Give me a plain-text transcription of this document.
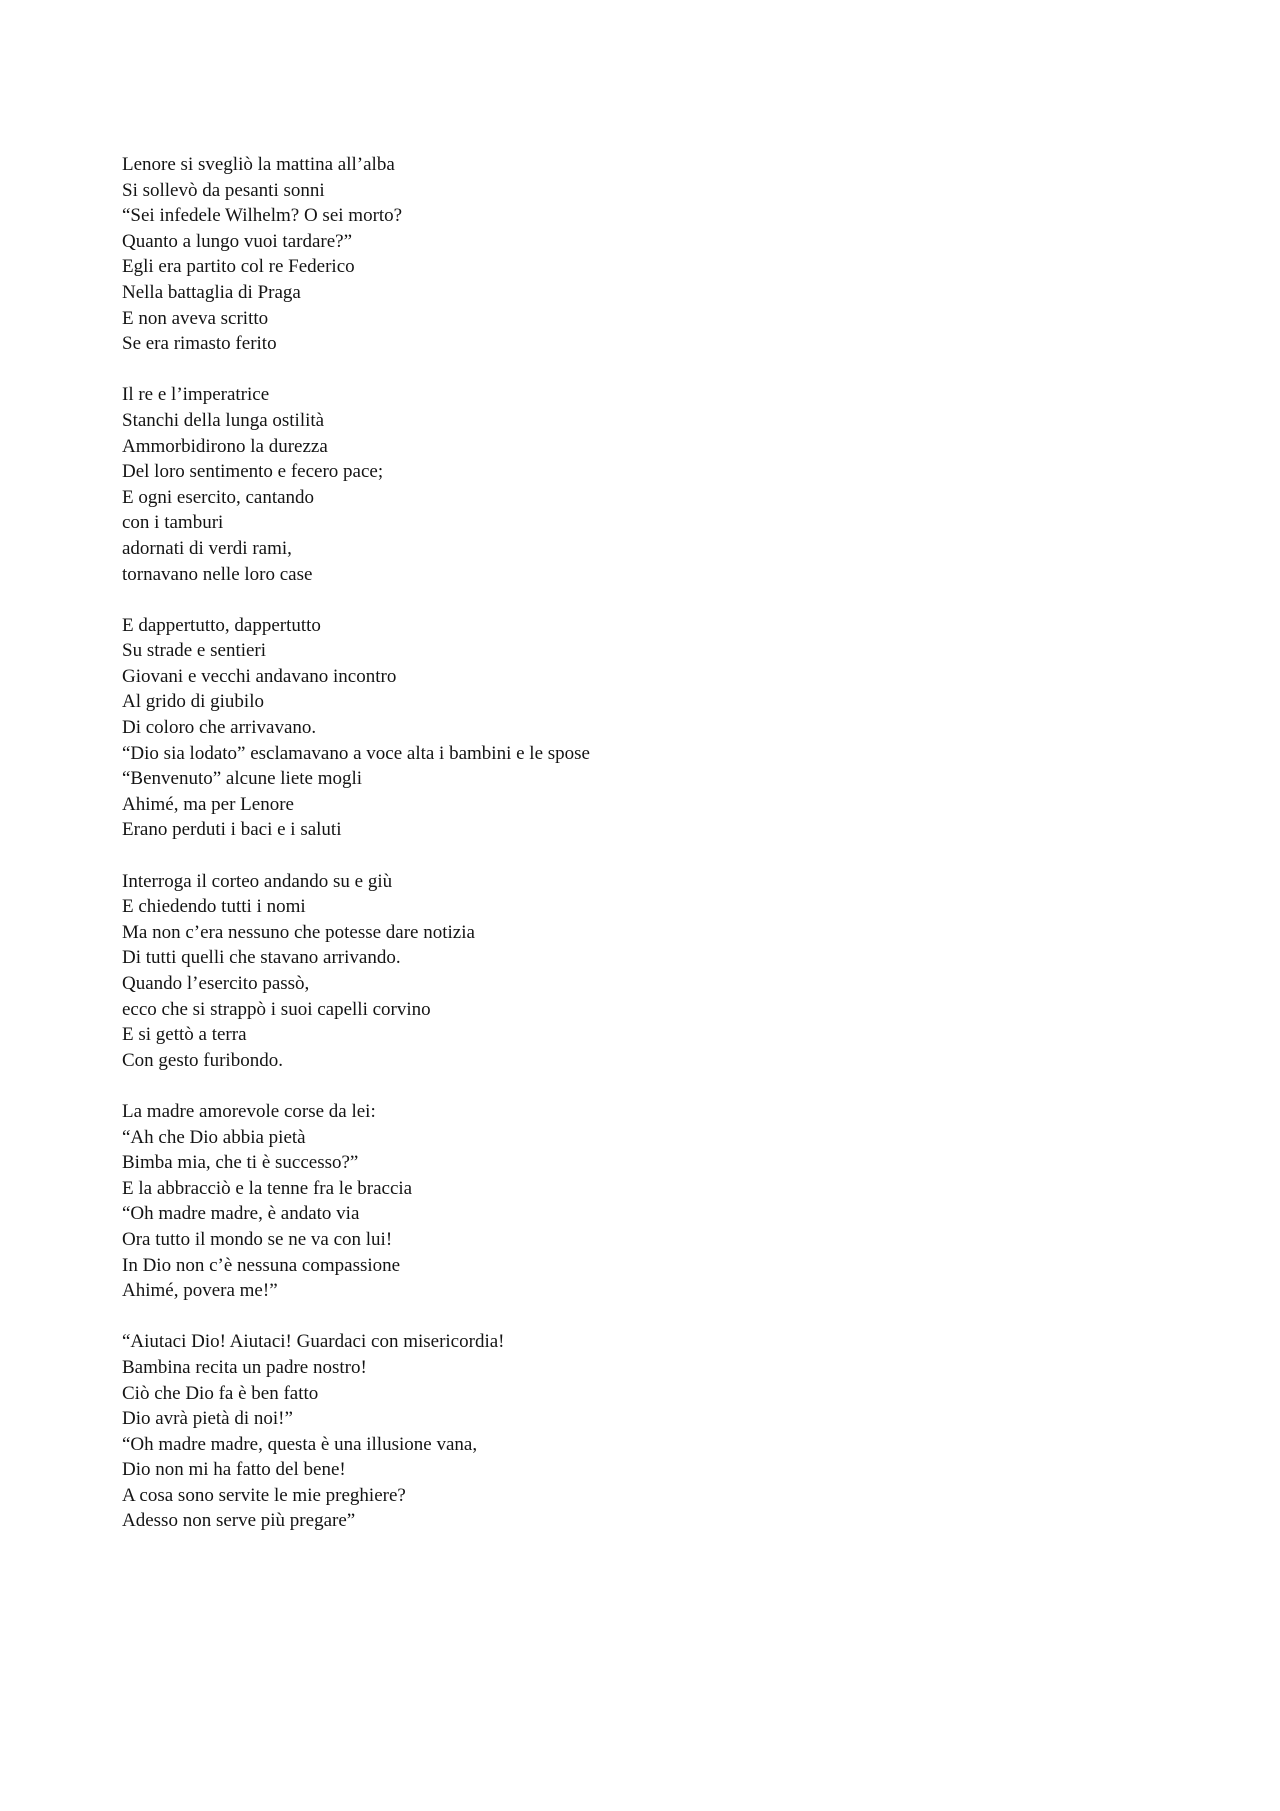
Lenore si svegliò la mattina all’alba
Si sollevò da pesanti sonni
“Sei infedele Wilhelm? O sei morto?
Quanto a lungo vuoi tardare?”
Egli era partito col re Federico
Nella battaglia di Praga
E non aveva scritto
Se era rimasto ferito
Il re e l’imperatrice
Stanchi della lunga ostilità
Ammorbidirono la durezza
Del loro sentimento e fecero pace;
E ogni esercito, cantando
con i tamburi
adornati di verdi rami,
tornavano nelle loro case
E dappertutto, dappertutto
Su strade e sentieri
Giovani e vecchi andavano incontro
Al grido di giubilo
Di coloro che arrivavano.
“Dio sia lodato” esclamavano a voce alta i bambini e le spose
“Benvenuto” alcune liete mogli
Ahimé, ma per Lenore
Erano perduti i baci e i saluti
Interroga il corteo andando su e giù
E chiedendo tutti i nomi
Ma non c’era nessuno che potesse dare notizia
Di tutti quelli che stavano arrivando.
Quando l’esercito passò,
ecco che si strappò i suoi capelli corvino
E si gettò a terra
Con gesto furibondo.
La madre amorevole corse da lei:
“Ah che Dio abbia pietà
Bimba mia, che ti è successo?”
E la abbracciò e la tenne fra le braccia
“Oh madre madre, è andato via
Ora tutto il mondo se ne va con lui!
In Dio non c’è nessuna compassione
Ahimé, povera me!”
“Aiutaci Dio! Aiutaci! Guardaci con misericordia!
Bambina recita un padre nostro!
Ciò che Dio fa è ben fatto
Dio avrà pietà di noi!”
“Oh madre madre, questa è una illusione vana,
Dio non mi ha fatto del bene!
A cosa sono servite le mie preghiere?
Adesso non serve più pregare”
